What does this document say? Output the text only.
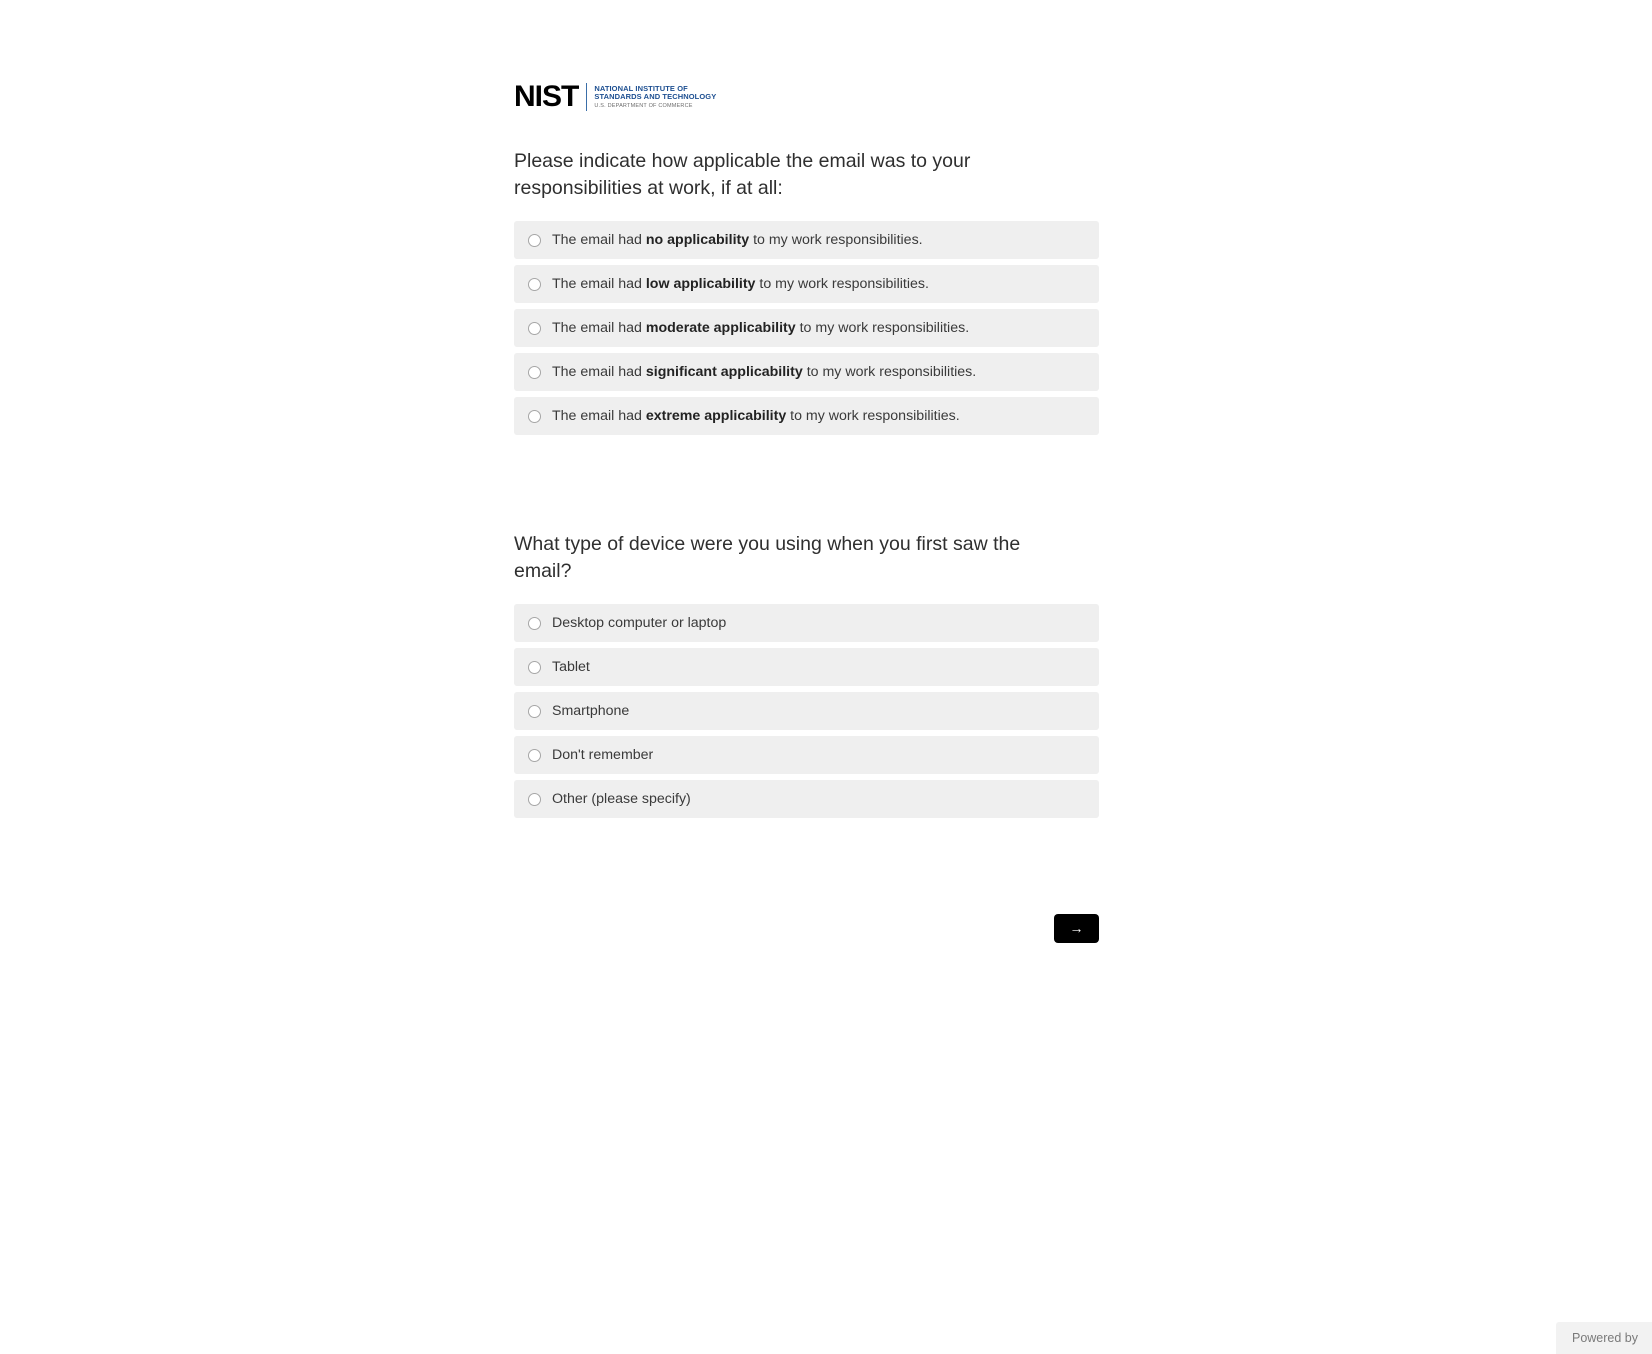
NIST	NATIONAL INSTITUTE OF
STANDARDS AND TECHNOLOGY
U.S. DEPARTMENT OF COMMERCE
Please indicate how applicable the email was to your responsibilities at work, if at all:
The email had no applicability to my work responsibilities.
The email had low applicability to my work responsibilities.
The email had moderate applicability to my work responsibilities.
The email had significant applicability to my work responsibilities.
The email had extreme applicability to my work responsibilities.
What type of device were you using when you first saw the email?
Desktop computer or laptop
Tablet
Smartphone
Don't remember
Other (please specify)
→
Powered by
